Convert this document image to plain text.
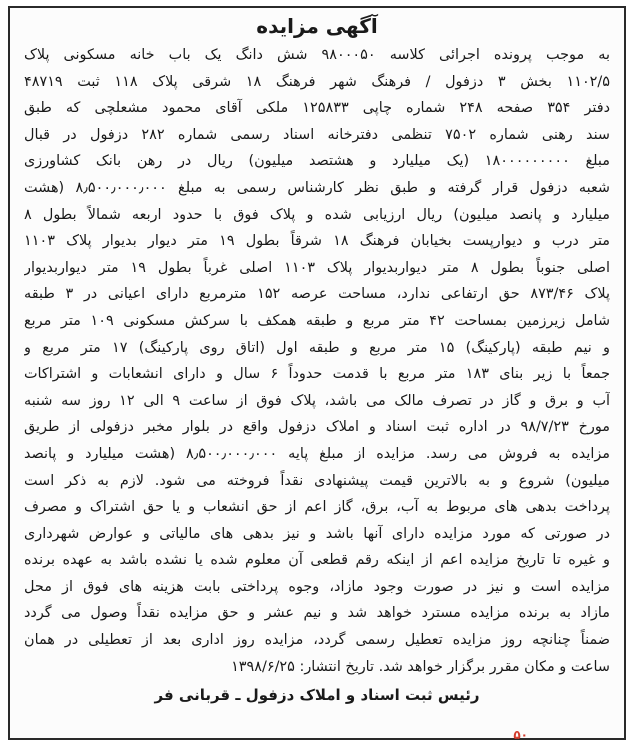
آگهی مزایده
به موجب پرونده اجرائی کلاسه ۹۸۰۰۰۵۰ شش دانگ یک باب خانه مسکونی پلاک
۱۱۰۲/۵ بخش ۳ دزفول / فرهنگ شهر فرهنگ ۱۸ شرقی پلاک ۱۱۸ ثبت ۴۸۷۱۹
دفتر ۳۵۴ صفحه ۲۴۸ شماره چاپی ۱۲۵۸۳۳ ملکی آقای محمود مشعلچی که طبق
سند رهنی شماره ۷۵۰۲ تنظمی دفترخانه اسناد رسمی شماره ۲۸۲ دزفول در قبال
مبلغ ۱۸۰۰۰۰۰۰۰۰۰ (یک میلیارد و هشتصد میلیون) ریال در رهن بانک کشاورزی
شعبه دزفول قرار گرفته و طبق نظر کارشناس رسمی به مبلغ ۸٫۵۰۰٫۰۰۰٫۰۰۰ (هشت
میلیارد و پانصد میلیون) ریال ارزیابی شده و پلاک فوق با حدود اربعه شمالاً بطول ۸
متر درب و دیوارپست بخیابان فرهنگ ۱۸ شرقاً بطول ۱۹ متر دیوار بدیوار پلاک ۱۱۰۳
اصلی جنوباً بطول ۸ متر دیواربدیوار پلاک ۱۱۰۳ اصلی غرباً بطول ۱۹ متر دیواربدیوار
پلاک ۸۷۳/۴۶ حق ارتفاعی ندارد، مساحت عرصه ۱۵۲ مترمربع دارای اعیانی در ۳ طبقه
شامل زیرزمین بمساحت ۴۲ متر مربع و طبقه همکف با سرکش مسکونی ۱۰۹ متر مربع
و نیم طبقه (پارکینگ) ۱۵ متر مربع و طبقه اول (اتاق روی پارکینگ) ۱۷ متر مربع و
جمعاً با زیر بنای ۱۸۳ متر مربع با قدمت حدوداً ۶ سال و دارای انشعابات و اشتراکات
آب و برق و گاز در تصرف مالک می باشد، پلاک فوق از ساعت ۹ الی ۱۲ روز سه شنبه
مورخ ۹۸/۷/۲۳ در اداره ثبت اسناد و املاک دزفول واقع در بلوار مخبر دزفولی از طریق
مزایده به فروش می رسد. مزایده از مبلغ پایه ۸٫۵۰۰٫۰۰۰٫۰۰۰ (هشت میلیارد و پانصد
میلیون) شروع و به بالاترین قیمت پیشنهادی نقداً فروخته می شود. لازم به ذکر است
پرداخت بدهی های مربوط به آب، برق، گاز اعم از حق انشعاب و یا حق اشتراک و مصرف
در صورتی که مورد مزایده دارای آنها باشد و نیز بدهی های مالیاتی و عوارض شهرداری
و غیره تا تاریخ مزایده اعم از اینکه رقم قطعی آن معلوم شده یا نشده باشد به عهده برنده
مزایده است و نیز در صورت وجود مازاد، وجوه پرداختی بابت هزینه های فوق از محل
مازاد به برنده مزایده مسترد خواهد شد و نیم عشر و حق مزایده نقداً وصول می گردد
ضمناً چنانچه روز مزایده تعطیل رسمی گردد، مزایده روز اداری بعد از تعطیلی در همان
ساعت و مکان مقرر برگزار خواهد شد. تاریخ انتشار: ۱۳۹۸/۶/۲۵
رئیس ثبت اسناد و املاک دزفول ـ قربانی فر
۵۰
